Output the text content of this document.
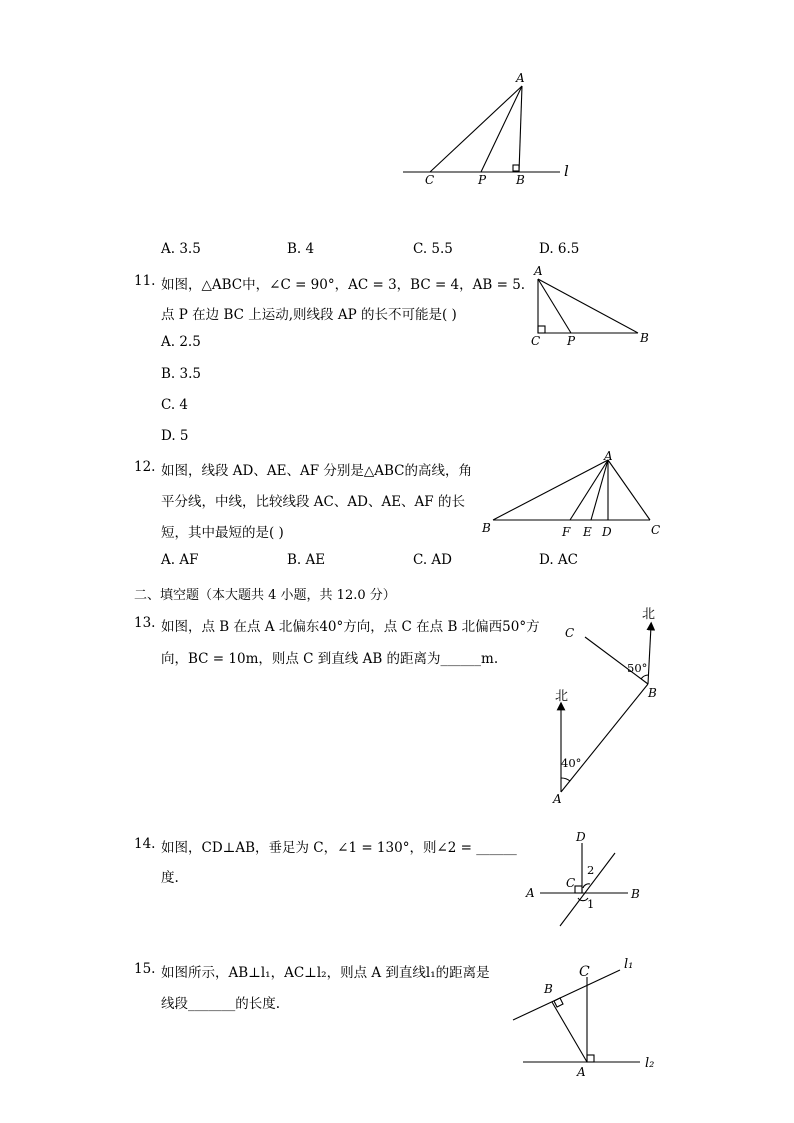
A
C	P B	l
A. 3.5	B. 4	C. 5.5	D. 6.5
11. 如图，△ABC中，∠C = 90°，AC = 3，BC = 4，AB = 5.
点 P 在边 BC 上运动,则线段 AP 的长不可能是( )
A. 2.5
B. 3.5
C. 4
D. 5
A
C P	B
12. 如图，线段 AD、AE、AF 分别是△ABC的高线，角
平分线，中线，比较线段 AC、AD、AE、AF 的长
短，其中最短的是( )
A. AF	B. AE	C. AD	D. AC
A
B	F E D	C
二、填空题（本大题共 4 小题，共 12.0 分）
13. 如图，点 B 在点 A 北偏东40°方向，点 C 在点 B 北偏西50°方
向，BC = 10m，则点 C 到直线 AB 的距离为______m.
北
北
A
B
C
40°
50°
14. 如图，CD⊥AB，垂足为 C，∠1 = 130°，则∠2 = ______
度.
D
C
A	B
2
1
15. 如图所示，AB⊥l₁，AC⊥l₂，则点 A 到直线l₁的距离是
线段_______的长度.
B
C
A
l₁
l₂
